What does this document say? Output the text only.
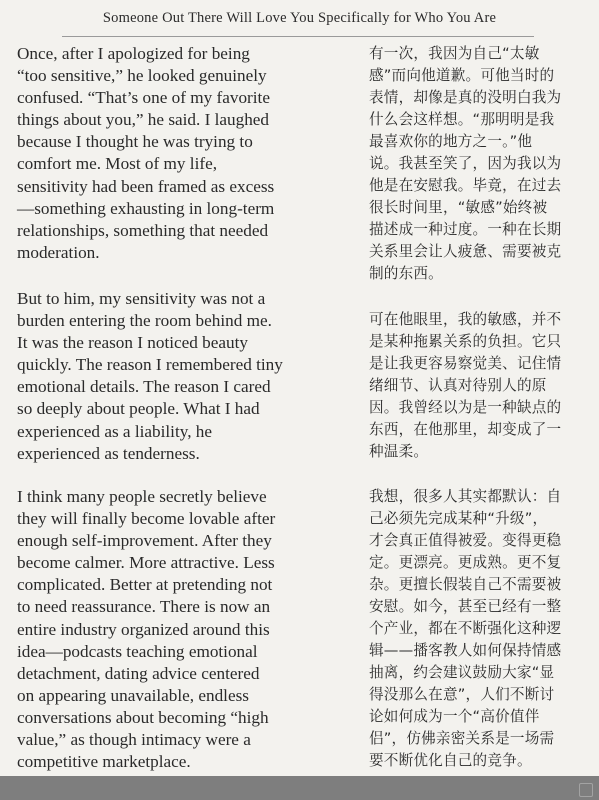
Someone Out There Will Love You Specifically for Who You Are

Once, after I apologized for being
“too sensitive,” he looked genuinely
confused. “That’s one of my favorite
things about you,” he said. I laughed
because I thought he was trying to
comfort me. Most of my life,
sensitivity had been framed as excess
—something exhausting in long-term
relationships, something that needed
moderation.

But to him, my sensitivity was not a
burden entering the room behind me.
It was the reason I noticed beauty
quickly. The reason I remembered tiny
emotional details. The reason I cared
so deeply about people. What I had
experienced as a liability, he
experienced as tenderness.

I think many people secretly believe
they will finally become lovable after
enough self-improvement. After they
become calmer. More attractive. Less
complicated. Better at pretending not
to need reassurance. There is now an
entire industry organized around this
idea—podcasts teaching emotional
detachment, dating advice centered
on appearing unavailable, endless
conversations about becoming “high
value,” as though intimacy were a
competitive marketplace.

有一次，我因为自己“太敏
感”而向他道歉。可他当时的
表情，却像是真的没明白我为
什么会这样想。“那明明是我
最喜欢你的地方之一。”他
说。我甚至笑了，因为我以为
他是在安慰我。毕竟，在过去
很长时间里，“敏感”始终被
描述成一种过度。一种在长期
关系里会让人疲惫、需要被克
制的东西。

可在他眼里，我的敏感，并不
是某种拖累关系的负担。它只
是让我更容易察觉美、记住情
绪细节、认真对待别人的原
因。我曾经以为是一种缺点的
东西，在他那里，却变成了一
种温柔。

我想，很多人其实都默认：自
己必须先完成某种“升级”，
才会真正值得被爱。变得更稳
定。更漂亮。更成熟。更不复
杂。更擅长假装自己不需要被
安慰。如今，甚至已经有一整
个产业，都在不断强化这种逻
辑——播客教人如何保持情感
抽离，约会建议鼓励大家“显
得没那么在意”，人们不断讨
论如何成为一个“高价值伴
侣”，仿佛亲密关系是一场需
要不断优化自己的竞争。
